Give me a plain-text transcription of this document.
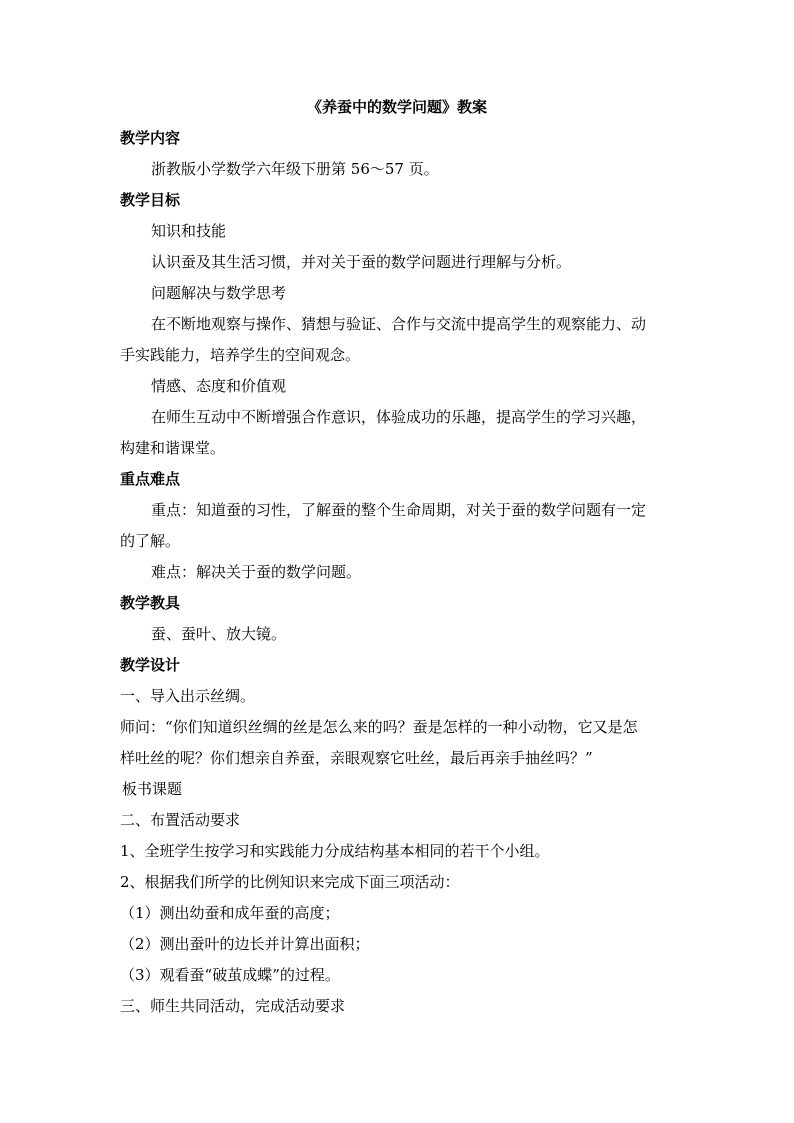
《养蚕中的数学问题》教案
教学内容
浙教版小学数学六年级下册第 56～57 页。
教学目标
知识和技能
认识蚕及其生活习惯，并对关于蚕的数学问题进行理解与分析。
问题解决与数学思考
在不断地观察与操作、猜想与验证、合作与交流中提高学生的观察能力、动
手实践能力，培养学生的空间观念。
情感、态度和价值观
在师生互动中不断增强合作意识，体验成功的乐趣，提高学生的学习兴趣，
构建和谐课堂。
重点难点
重点：知道蚕的习性，了解蚕的整个生命周期，对关于蚕的数学问题有一定
的了解。
难点：解决关于蚕的数学问题。
教学教具
蚕、蚕叶、放大镜。
教学设计
一、导入出示丝绸。
师问：“你们知道织丝绸的丝是怎么来的吗？蚕是怎样的一种小动物，它又是怎
样吐丝的呢？你们想亲自养蚕，亲眼观察它吐丝，最后再亲手抽丝吗？”
板书课题
二、布置活动要求
1、全班学生按学习和实践能力分成结构基本相同的若干个小组。
2、根据我们所学的比例知识来完成下面三项活动：
（1）测出幼蚕和成年蚕的高度；
（2）测出蚕叶的边长并计算出面积；
（3）观看蚕“破茧成蝶”的过程。
三、师生共同活动，完成活动要求
